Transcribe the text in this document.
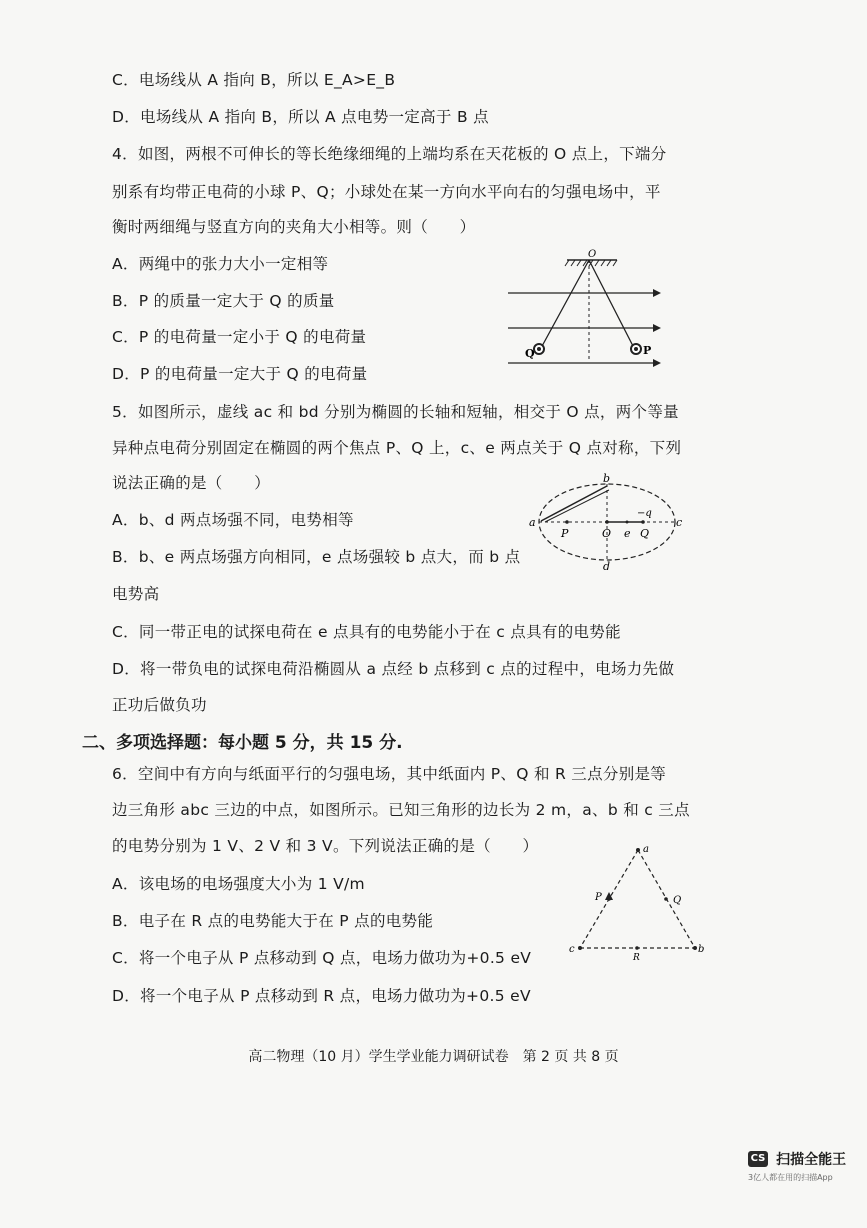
C．电场线从 A 指向 B，所以 E_A>E_B
D．电场线从 A 指向 B，所以 A 点电势一定高于 B 点
4．如图，两根不可伸长的等长绝缘细绳的上端均系在天花板的 O 点上，下端分
别系有均带正电荷的小球 P、Q；小球处在某一方向水平向右的匀强电场中，平
衡时两细绳与竖直方向的夹角大小相等。则（　　）
A．两绳中的张力大小一定相等
B．P 的质量一定大于 Q 的质量
C．P 的电荷量一定小于 Q 的电荷量
D．P 的电荷量一定大于 Q 的电荷量
O
Q	P
5．如图所示，虚线 ac 和 bd 分别为椭圆的长轴和短轴，相交于 O 点，两个等量
异种点电荷分别固定在椭圆的两个焦点 P、Q 上，c、e 两点关于 Q 点对称，下列
说法正确的是（　　）
A．b、d 两点场强不同，电势相等
B．b、e 两点场强方向相同，e 点场强较 b 点大，而 b 点
电势高
C．同一带正电的试探电荷在 e 点具有的电势能小于在 c 点具有的电势能
D．将一带负电的试探电荷沿椭圆从 a 点经 b 点移到 c 点的过程中，电场力先做
正功后做负功
a
b
c
d
P	O e Q
−q
二、多项选择题：每小题 5 分，共 15 分.
6．空间中有方向与纸面平行的匀强电场，其中纸面内 P、Q 和 R 三点分别是等
边三角形 abc 三边的中点，如图所示。已知三角形的边长为 2 m，a、b 和 c 三点
的电势分别为 1 V、2 V 和 3 V。下列说法正确的是（　　）
A．该电场的电场强度大小为 1 V/m
B．电子在 R 点的电势能大于在 P 点的电势能
C．将一个电子从 P 点移动到 Q 点，电场力做功为+0.5 eV
D．将一个电子从 P 点移动到 R 点，电场力做功为+0.5 eV
a
b
c
P	Q
R
高二物理（10 月）学生学业能力调研试卷　第 2 页 共 8 页
CS 扫描全能王
3亿人都在用的扫描App
